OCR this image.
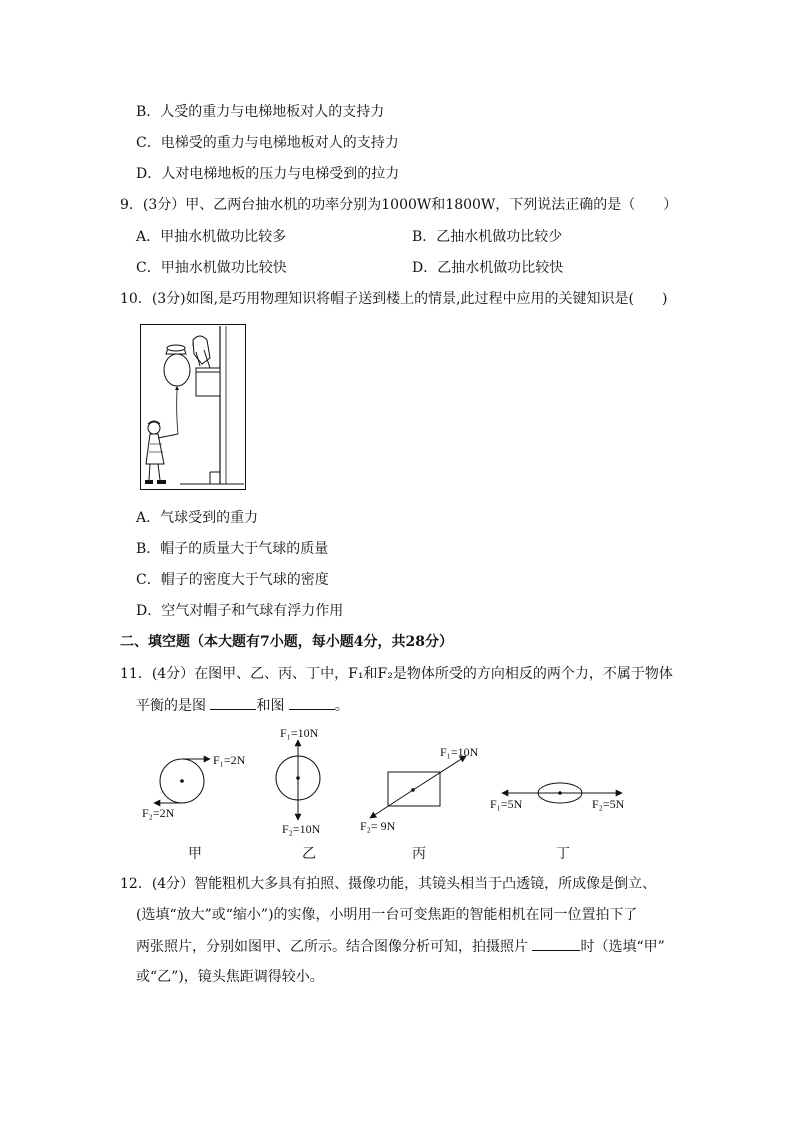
B．人受的重力与电梯地板对人的支持力
C．电梯受的重力与电梯地板对人的支持力
D．人对电梯地板的压力与电梯受到的拉力
9．(3分）甲、乙两台抽水机的功率分别为1000W和1800W，下列说法正确的是（　　）
A．甲抽水机做功比较多	B．乙抽水机做功比较少
C．甲抽水机做功比较快	D．乙抽水机做功比较快
10．(3分)如图,是巧用物理知识将帽子送到楼上的情景,此过程中应用的关键知识是(　　)
A．气球受到的重力
B．帽子的质量大于气球的质量
C．帽子的密度大于气球的密度
D．空气对帽子和气球有浮力作用
二、填空题（本大题有7小题，每小题4分，共28分）
11．(4分）在图甲、乙、丙、丁中，F₁和F₂是物体所受的方向相反的两个力，不属于物体
平衡的是图	和图	。
F₁=2N
F₂=2N
甲
F₁=10N
F₂=10N
乙
F₁=10N
F₂= 9N
丙
F₁=5N	F₂=5N
丁
12．(4分）智能粗机大多具有拍照、摄像功能，其镜头相当于凸透镜，所成像是倒立、
(选填“放大”或“缩小”)的实像，小明用一台可变焦距的智能相机在同一位置拍下了
两张照片，分别如图甲、乙所示。结合图像分析可知，拍摄照片	时（选填“甲”
或“乙”)，镜头焦距调得较小。
